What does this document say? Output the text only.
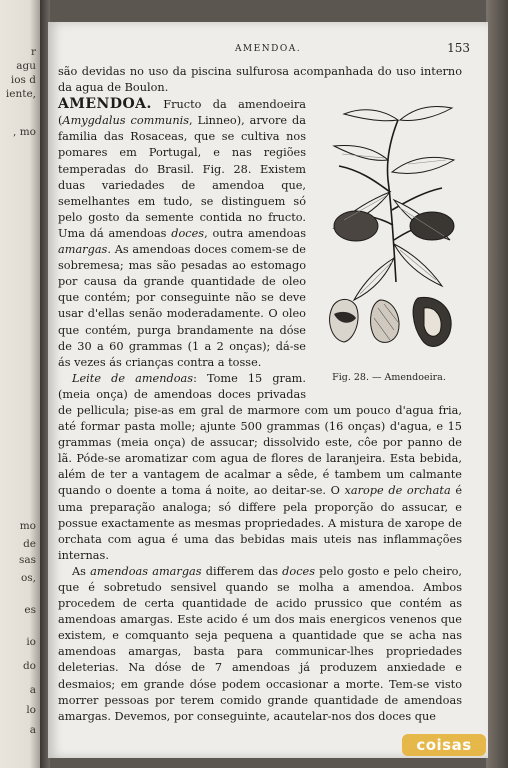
r
agu
ios d
iente,
, mo
mo
de
sas
os,
es
io
do
a
lo
a
AMENDOA.	153

são devidas no uso da piscina sulfurosa acompanhada do uso interno da agua de Boulon.

Fig. 28. — Amendoeira.

AMENDOA. Fructo da amendoeira (Amygdalus communis, Linneo), arvore da familia das Rosaceas, que se cultiva nos pomares em Portugal, e nas regiões temperadas do Brasil. Fig. 28. Existem duas variedades de amendoa que, semelhantes em tudo, se distinguem só pelo gosto da semente contida no fructo. Uma dá amendoas doces, outra amendoas amargas. As amendoas doces comem-se de sobremesa; mas são pesadas ao estomago por causa da grande quantidade de oleo que contém; por conseguinte não se deve usar d'ellas senão moderadamente. O oleo que contém, purga brandamente na dóse de 30 a 60 grammas (1 a 2 onças); dá-se ás vezes ás crianças contra a tosse.

Leite de amendoas: Tome 15 gram. (meia onça) de amendoas doces privadas de pellicula; pise-as em gral de marmore com um pouco d'agua fria, até formar pasta molle; ajunte 500 grammas (16 onças) d'agua, e 15 grammas (meia onça) de assucar; dissolvido este, côe por panno de lã. Póde-se aromatizar com agua de flores de laranjeira. Esta bebida, além de ter a vantagem de acalmar a sêde, é tambem um calmante quando o doente a toma á noite, ao deitar-se. O xarope de orchata é uma preparação analoga; só differe pela proporção do assucar, e possue exactamente as mesmas propriedades. A mistura de xarope de orchata com agua é uma das bebidas mais uteis nas inflammações internas.

As amendoas amargas differem das doces pelo gosto e pelo cheiro, que é sobretudo sensivel quando se molha a amendoa. Ambos procedem de certa quantidade de acido prussico que contém as amendoas amargas. Este acido é um dos mais energicos venenos que existem, e comquanto seja pequena a quantidade que se acha nas amendoas amargas, basta para communicar-lhes propriedades deleterias. Na dóse de 7 amendoas já produzem anxiedade e desmaios; em grande dóse podem occasionar a morte. Tem-se visto morrer pessoas por terem comido grande quantidade de amendoas amargas. Devemos, por conseguinte, acautelar-nos dos doces que

coisas
